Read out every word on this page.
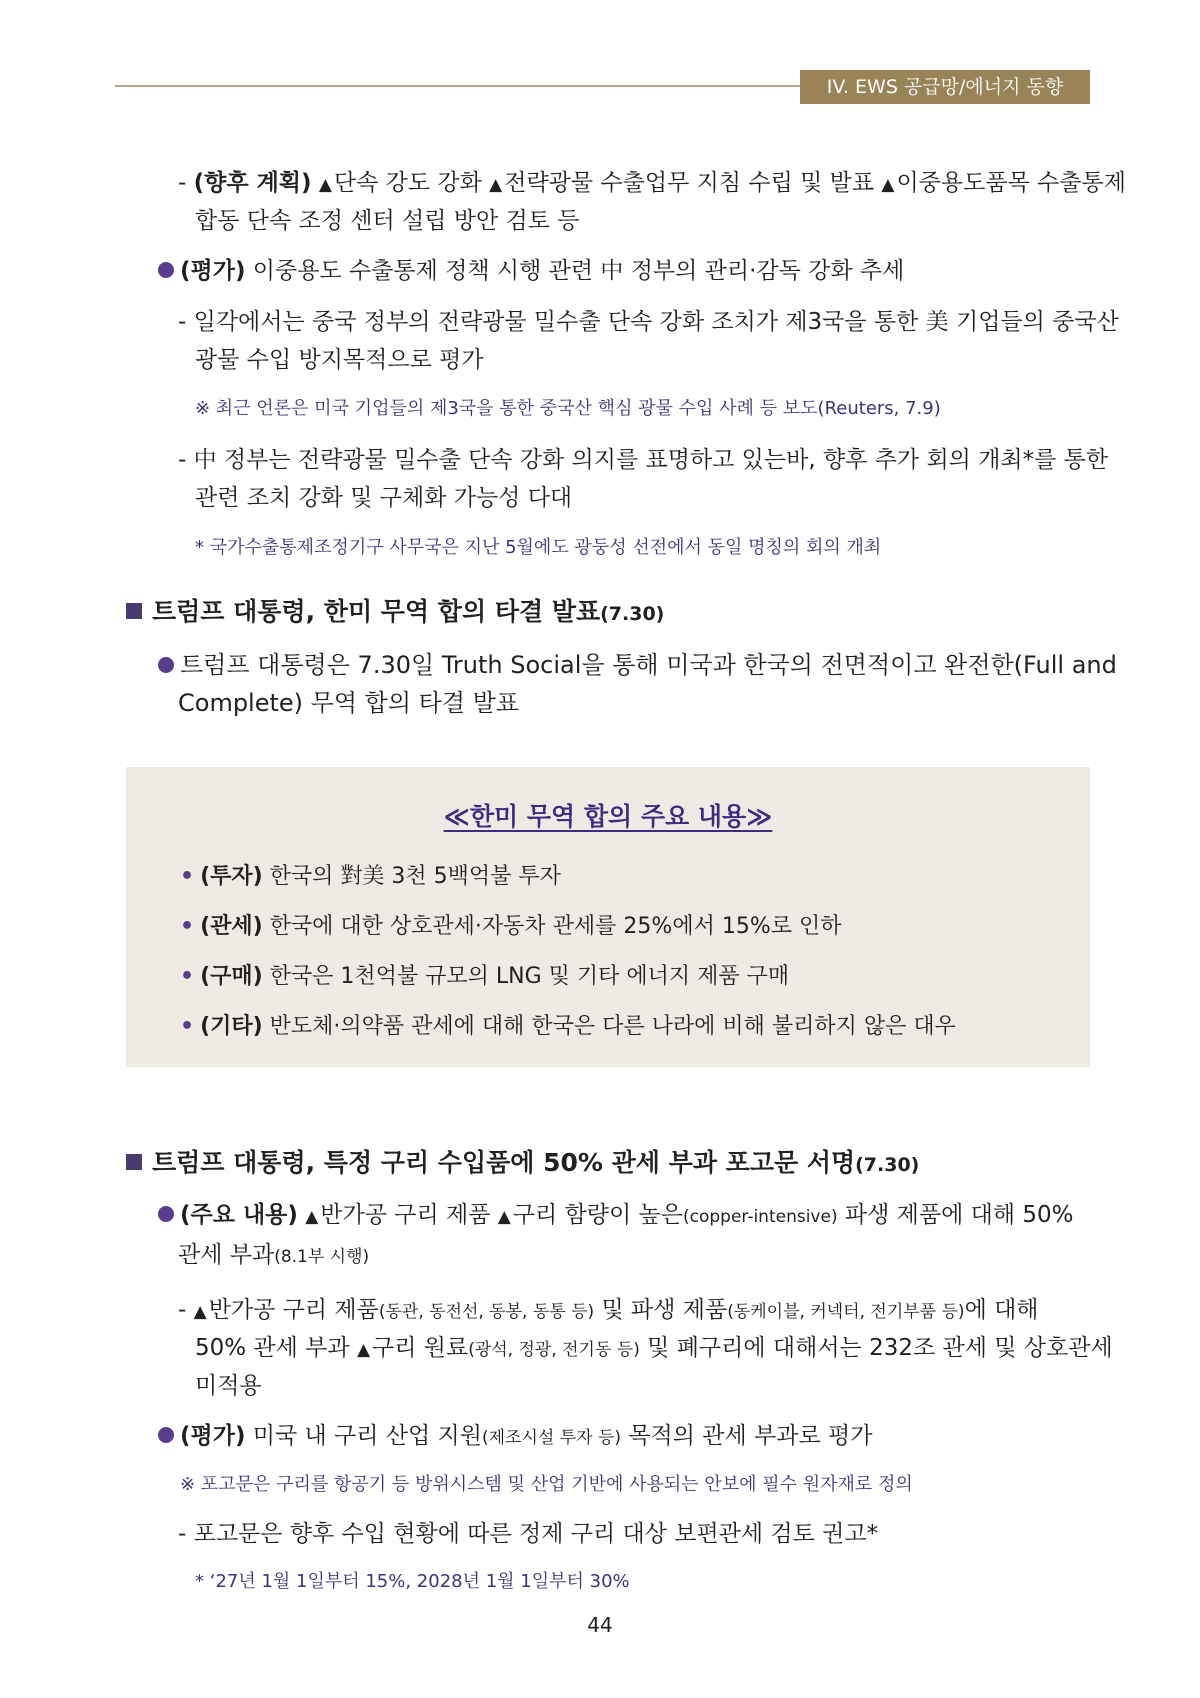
IV. EWS 공급망/에너지 동향
- (향후 계획) ▲단속 강도 강화 ▲전략광물 수출업무 지침 수립 및 발표 ▲이중용도품목 수출통제
합동 단속 조정 센터 설립 방안 검토 등
(평가) 이중용도 수출통제 정책 시행 관련 中 정부의 관리·감독 강화 추세
- 일각에서는 중국 정부의 전략광물 밀수출 단속 강화 조치가 제3국을 통한 美 기업들의 중국산
광물 수입 방지목적으로 평가
※ 최근 언론은 미국 기업들의 제3국을 통한 중국산 핵심 광물 수입 사례 등 보도(Reuters, 7.9)
- 中 정부는 전략광물 밀수출 단속 강화 의지를 표명하고 있는바, 향후 추가 회의 개최*를 통한
관련 조치 강화 및 구체화 가능성 다대
* 국가수출통제조정기구 사무국은 지난 5월에도 광둥성 선전에서 동일 명칭의 회의 개최
트럼프 대통령, 한미 무역 합의 타결 발표(7.30)
트럼프 대통령은 7.30일 Truth Social을 통해 미국과 한국의 전면적이고 완전한(Full and
Complete) 무역 합의 타결 발표
≪한미 무역 합의 주요 내용≫
• (투자) 한국의 對美 3천 5백억불 투자
• (관세) 한국에 대한 상호관세·자동차 관세를 25%에서 15%로 인하
• (구매) 한국은 1천억불 규모의 LNG 및 기타 에너지 제품 구매
• (기타) 반도체·의약품 관세에 대해 한국은 다른 나라에 비해 불리하지 않은 대우
트럼프 대통령, 특정 구리 수입품에 50% 관세 부과 포고문 서명(7.30)
(주요 내용) ▲반가공 구리 제품 ▲구리 함량이 높은(copper-intensive) 파생 제품에 대해 50%
관세 부과(8.1부 시행)
- ▲반가공 구리 제품(동관, 동전선, 동봉, 동통 등) 및 파생 제품(동케이블, 커넥터, 전기부품 등)에 대해
50% 관세 부과 ▲구리 원료(광석, 정광, 전기동 등) 및 폐구리에 대해서는 232조 관세 및 상호관세
미적용
(평가) 미국 내 구리 산업 지원(제조시설 투자 등) 목적의 관세 부과로 평가
※ 포고문은 구리를 항공기 등 방위시스템 및 산업 기반에 사용되는 안보에 필수 원자재로 정의
- 포고문은 향후 수입 현황에 따른 정제 구리 대상 보편관세 검토 권고*
* ‘27년 1월 1일부터 15%, 2028년 1월 1일부터 30%
44
